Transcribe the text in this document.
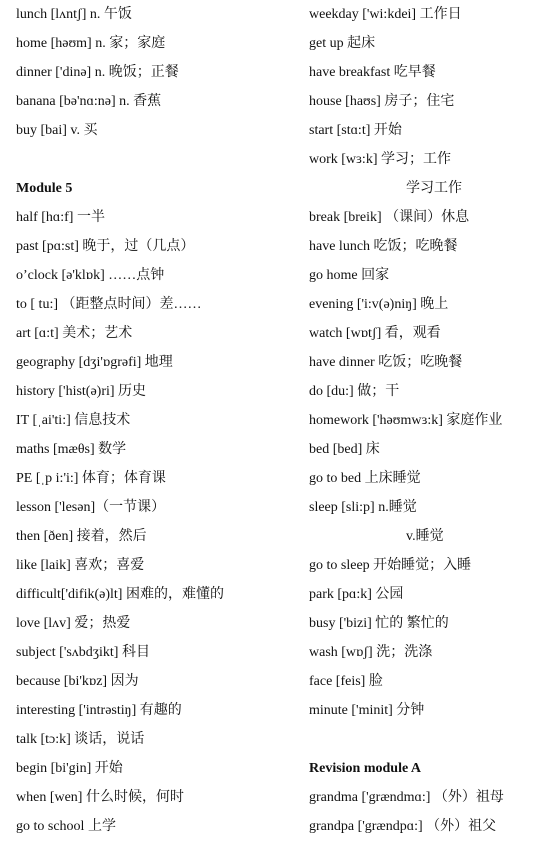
lunch [lʌntʃ] n. 午饭
home [həʊm] n. 家；家庭
dinner ['dinə] n. 晚饭；正餐
banana [bə'nɑ:nə] n. 香蕉
buy [bai] v. 买
Module 5
half [hɑ:f] 一半
past [pɑ:st] 晚于，过（几点）
o’clock [ə'klɒk] ……点钟
to [ tu:] （距整点时间）差……
art [ɑ:t] 美术；艺术
geography [dʒi'ɒgrəfi] 地理
history ['hist(ə)ri] 历史
IT [ˌai'ti:] 信息技术
maths [mæθs] 数学
PE [ˌp i:'i:] 体育；体育课
lesson ['lesən]（一节课）
then [ðen] 接着，然后
like [laik] 喜欢；喜爱
difficult['difik(ə)lt] 困难的，难懂的
love [lʌv] 爱；热爱
subject ['sʌbdʒikt] 科目
because [bi'kɒz] 因为
interesting ['intrəstiŋ] 有趣的
talk [tɔ:k] 谈话，说话
begin [bi'gin] 开始
when [wen] 什么时候，何时
go to school 上学
weekday ['wi:kdei] 工作日
get up 起床
have breakfast 吃早餐
house [haʊs] 房子；住宅
start [stɑ:t] 开始
work [wɜ:k] 学习；工作
学习工作
break [breik] （课间）休息
have lunch 吃饭；吃晚餐
go home 回家
evening ['i:v(ə)niŋ] 晚上
watch [wɒtʃ] 看，观看
have dinner 吃饭；吃晚餐
do [du:] 做；干
homework ['həʊmwɜ:k] 家庭作业
bed [bed] 床
go to bed 上床睡觉
sleep [sli:p] n.睡觉
v.睡觉
go to sleep 开始睡觉；入睡
park [pɑ:k] 公园
busy ['bizi] 忙的 繁忙的
wash [wɒʃ] 洗；洗涤
face [feis] 脸
minute ['minit] 分钟
Revision module A
grandma ['grændmɑ:] （外）祖母
grandpa ['grændpɑ:] （外）祖父
